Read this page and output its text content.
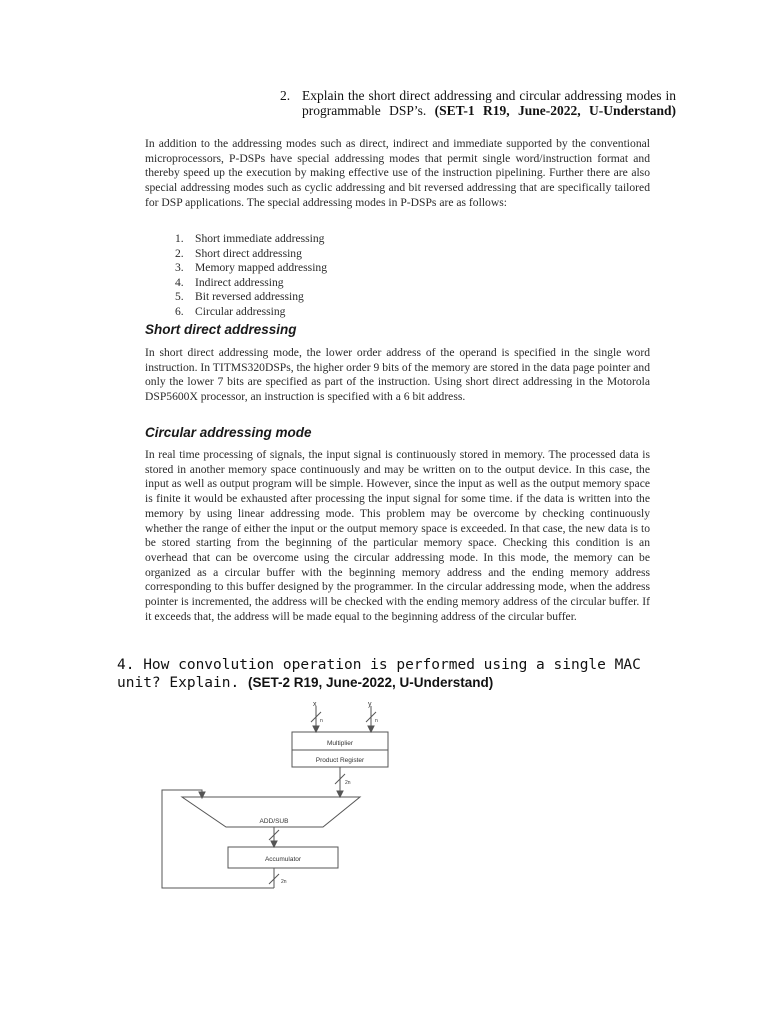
2. Explain the short direct addressing and circular addressing modes in programmable DSP’s. (SET-1 R19, June-2022, U-Understand)
In addition to the addressing modes such as direct, indirect and immediate supported by the conventional microprocessors, P-DSPs have special addressing modes that permit single word/instruction format and thereby speed up the execution by making effective use of the instruction pipelining. Further there are also special addressing modes such as cyclic addressing and bit reversed addressing that are specifically tailored for DSP applications. The special addressing modes in P-DSPs are as follows:
1. Short immediate addressing
2. Short direct addressing
3. Memory mapped addressing
4. Indirect addressing
5. Bit reversed addressing
6. Circular addressing
Short direct addressing
In short direct addressing mode, the lower order address of the operand is specified in the single word instruction. In TITMS320DSPs, the higher order 9 bits of the memory are stored in the data page pointer and only the lower 7 bits are specified as part of the instruction. Using short direct addressing in the Motorola DSP5600X processor, an instruction is specified with a 6 bit address.
Circular addressing mode
In real time processing of signals, the input signal is continuously stored in memory. The processed data is stored in another memory space continuously and may be written on to the output device. In this case, the input as well as output program will be simple. However, since the input as well as the output memory space is finite it would be exhausted after processing the input signal for some time. if the data is written into the memory by using linear addressing mode. This problem may be overcome by checking continuously whether the range of either the input or the output memory space is exceeded. In that case, the new data is to be stored starting from the beginning of the particular memory space. Checking this condition is an overhead that can be overcome using the circular addressing mode. In this mode, the memory can be organized as a circular buffer with the beginning memory address and the ending memory address corresponding to this buffer designed by the programmer. In the circular addressing mode, when the address pointer is incremented, the address will be checked with the ending memory address of the circular buffer. If it exceeds that, the address will be made equal to the beginning address of the circular buffer.
4. How convolution operation is performed using a single MAC unit? Explain. (SET-2 R19, June-2022, U-Understand)
x	y
n	n
Multiplier
Product Register
2n
ADD/SUB
Accumulator
2n
